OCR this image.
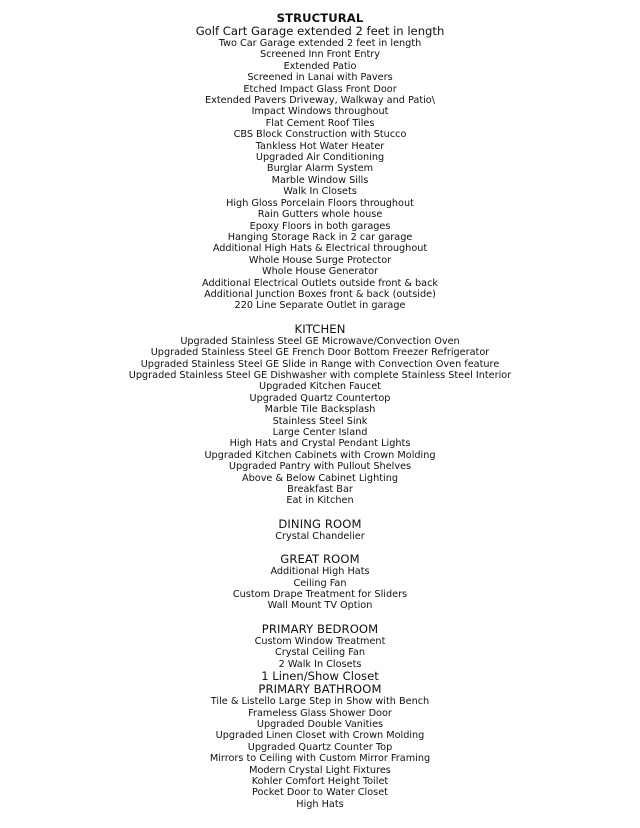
STRUCTURAL
Golf Cart Garage extended 2 feet in length
Two Car Garage extended 2 feet in length
Screened Inn Front Entry
Extended Patio
Screened in Lanai with Pavers
Etched Impact Glass Front Door
Extended Pavers Driveway, Walkway and Patio\
Impact Windows throughout
Flat Cement Roof Tiles
CBS Block Construction with Stucco
Tankless Hot Water Heater
Upgraded Air Conditioning
Burglar Alarm System
Marble Window Sills
Walk In Closets
High Gloss Porcelain Floors throughout
Rain Gutters whole house
Epoxy Floors in both garages
Hanging Storage Rack in 2 car garage
Additional High Hats & Electrical throughout
Whole House Surge Protector
Whole House Generator
Additional Electrical Outlets outside front & back
Additional Junction Boxes front & back (outside)
220 Line Separate Outlet in garage
KITCHEN
Upgraded Stainless Steel GE Microwave/Convection Oven
Upgraded Stainless Steel GE French Door Bottom Freezer Refrigerator
Upgraded Stainless Steel GE Slide in Range with Convection Oven feature
Upgraded Stainless Steel GE Dishwasher with complete Stainless Steel Interior
Upgraded Kitchen Faucet
Upgraded Quartz Countertop
Marble Tile Backsplash
Stainless Steel Sink
Large Center Island
High Hats and Crystal Pendant Lights
Upgraded Kitchen Cabinets with Crown Molding
Upgraded Pantry with Pullout Shelves
Above & Below Cabinet Lighting
Breakfast Bar
Eat in Kitchen
DINING ROOM
Crystal Chandelier
GREAT ROOM
Additional High Hats
Ceiling Fan
Custom Drape Treatment for Sliders
Wall Mount TV Option
PRIMARY BEDROOM
Custom Window Treatment
Crystal Ceiling Fan
2 Walk In Closets
1 Linen/Show Closet
PRIMARY BATHROOM
Tile & Listello Large Step in Show with Bench
Frameless Glass Shower Door
Upgraded Double Vanities
Upgraded Linen Closet with Crown Molding
Upgraded Quartz Counter Top
Mirrors to Ceiling with Custom Mirror Framing
Modern Crystal Light Fixtures
Kohler Comfort Height Toilet
Pocket Door to Water Closet
High Hats
